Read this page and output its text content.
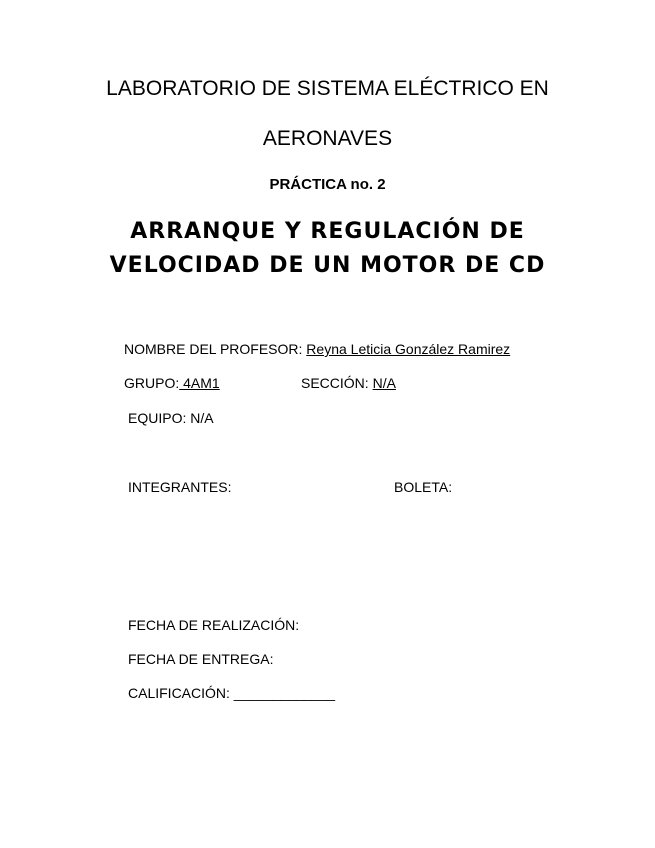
LABORATORIO DE SISTEMA ELÉCTRICO EN
AERONAVES
PRÁCTICA no. 2
ARRANQUE Y REGULACIÓN DE
VELOCIDAD DE UN MOTOR DE CD
NOMBRE DEL PROFESOR: Reyna Leticia González Ramirez
GRUPO: 4AM1	SECCIÓN: N/A
EQUIPO: N/A
INTEGRANTES:	BOLETA:
FECHA DE REALIZACIÓN:
FECHA DE ENTREGA:
CALIFICACIÓN: _____________
